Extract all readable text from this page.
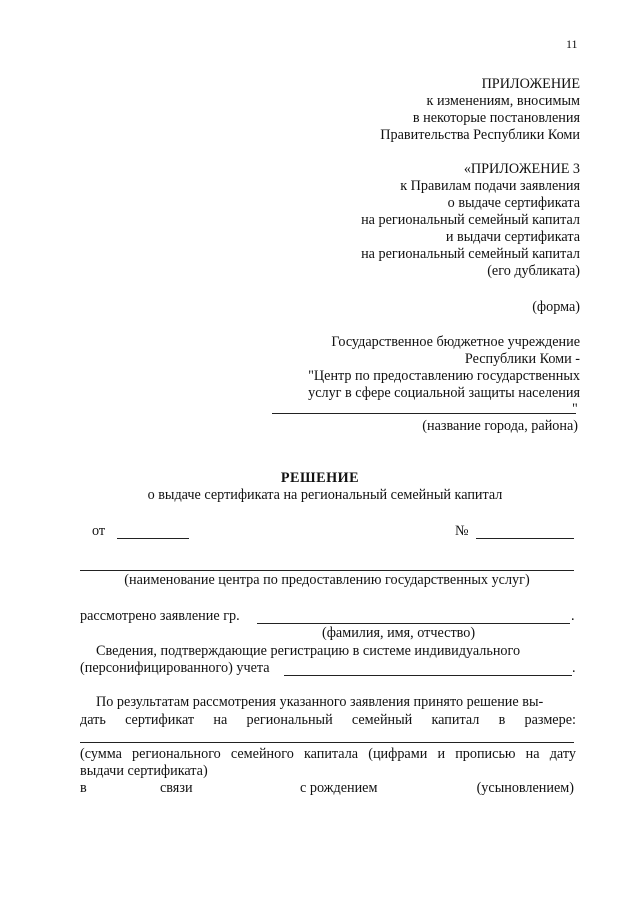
11
ПРИЛОЖЕНИЕ
к изменениям, вносимым
в некоторые постановления
Правительства Республики Коми
«ПРИЛОЖЕНИЕ 3
к Правилам подачи заявления
о выдаче сертификата
на региональный семейный капитал
и выдачи сертификата
на региональный семейный капитал
(его дубликата)
(форма)
Государственное бюджетное учреждение
Республики Коми -
"Центр по предоставлению государственных
услуг в сфере социальной защиты населения
"
(название города, района)
РЕШЕНИЕ
о выдаче сертификата на региональный семейный капитал
от	№
(наименование центра по предоставлению государственных услуг)
рассмотрено заявление гр.	.
(фамилия, имя, отчество)
Сведения, подтверждающие регистрацию в системе индивидуального
(персонифицированного) учета	.
По результатам рассмотрения указанного заявления принято решение вы-
дать сертификат на региональный семейный капитал в размере:
(сумма регионального семейного капитала (цифрами и прописью на дату
выдачи сертификата)
в	связи	с рождением	(усыновлением)
